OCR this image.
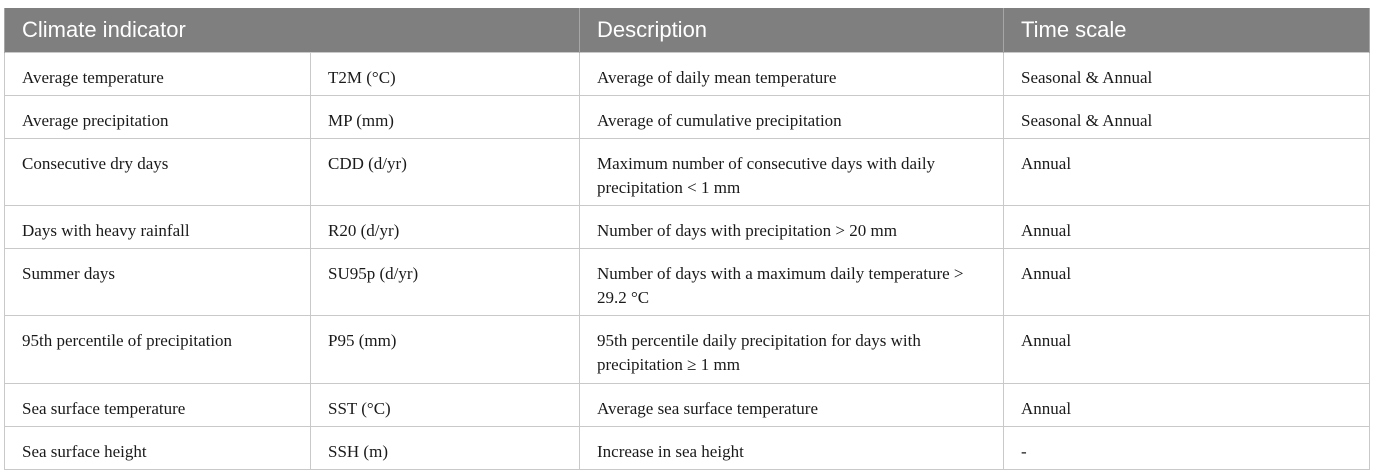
Climate indicator		Description	Time scale
Average temperature	T2M (°C)	Average of daily mean temperature	Seasonal & Annual
Average precipitation	MP (mm)	Average of cumulative precipitation	Seasonal & Annual
Consecutive dry days	CDD (d/yr)	Maximum number of consecutive days with daily precipitation < 1 mm	Annual
Days with heavy rainfall	R20 (d/yr)	Number of days with precipitation > 20 mm	Annual
Summer days	SU95p (d/yr)	Number of days with a maximum daily temperature > 29.2 °C	Annual
95th percentile of precipitation	P95 (mm)	95th percentile daily precipitation for days with precipitation ≥ 1 mm	Annual
Sea surface temperature	SST (°C)	Average sea surface temperature	Annual
Sea surface height	SSH (m)	Increase in sea height	-
